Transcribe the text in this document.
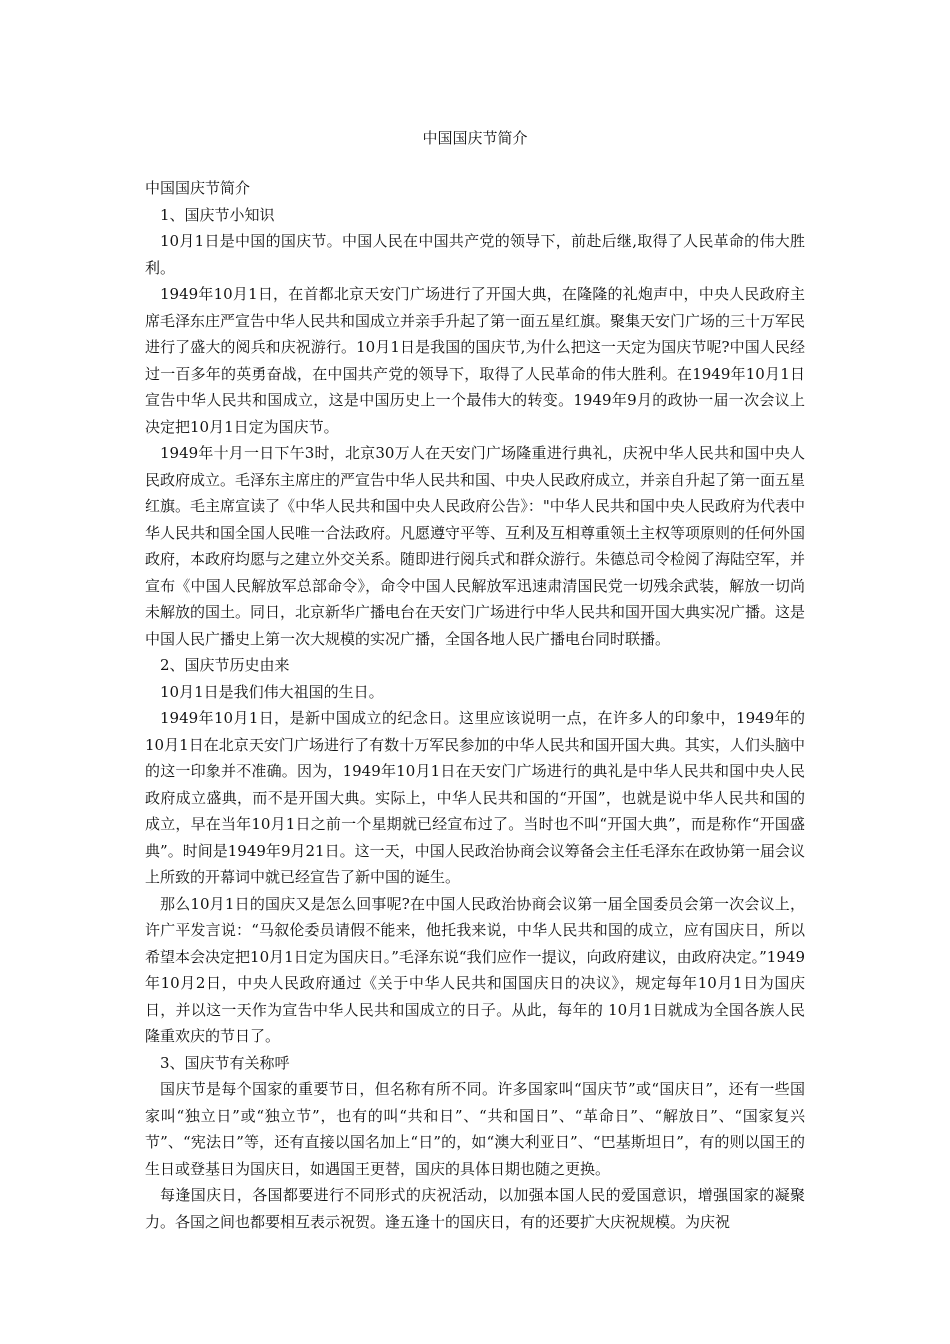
中国国庆节简介

中国国庆节简介

1、国庆节小知识

10月1日是中国的国庆节。中国人民在中国共产党的领导下，前赴后继,取得了人民革命的伟大胜利。

1949年10月1日，在首都北京天安门广场进行了开国大典，在隆隆的礼炮声中，中央人民政府主席毛泽东庄严宣告中华人民共和国成立并亲手升起了第一面五星红旗。聚集天安门广场的三十万军民进行了盛大的阅兵和庆祝游行。10月1日是我国的国庆节,为什么把这一天定为国庆节呢?中国人民经过一百多年的英勇奋战，在中国共产党的领导下，取得了人民革命的伟大胜利。在1949年10月1日宣告中华人民共和国成立，这是中国历史上一个最伟大的转变。1949年9月的政协一届一次会议上决定把10月1日定为国庆节。

1949年十月一日下午3时，北京30万人在天安门广场隆重进行典礼，庆祝中华人民共和国中央人民政府成立。毛泽东主席庄的严宣告中华人民共和国、中央人民政府成立，并亲自升起了第一面五星红旗。毛主席宣读了《中华人民共和国中央人民政府公告》："中华人民共和国中央人民政府为代表中华人民共和国全国人民唯一合法政府。凡愿遵守平等、互利及互相尊重领土主权等项原则的任何外国政府，本政府均愿与之建立外交关系。随即进行阅兵式和群众游行。朱德总司令检阅了海陆空军，并宣布《中国人民解放军总部命令》，命令中国人民解放军迅速肃清国民党一切残余武装，解放一切尚未解放的国土。同日，北京新华广播电台在天安门广场进行中华人民共和国开国大典实况广播。这是中国人民广播史上第一次大规模的实况广播，全国各地人民广播电台同时联播。

2、国庆节历史由来

10月1日是我们伟大祖国的生日。

1949年10月1日，是新中国成立的纪念日。这里应该说明一点，在许多人的印象中，1949年的10月1日在北京天安门广场进行了有数十万军民参加的中华人民共和国开国大典。其实，人们头脑中的这一印象并不准确。因为，1949年10月1日在天安门广场进行的典礼是中华人民共和国中央人民政府成立盛典，而不是开国大典。实际上，中华人民共和国的“开国”，也就是说中华人民共和国的成立，早在当年10月1日之前一个星期就已经宣布过了。当时也不叫“开国大典”，而是称作“开国盛典”。时间是1949年9月21日。这一天，中国人民政治协商会议筹备会主任毛泽东在政协第一届会议上所致的开幕词中就已经宣告了新中国的诞生。

那么10月1日的国庆又是怎么回事呢?在中国人民政治协商会议第一届全国委员会第一次会议上，许广平发言说：“马叙伦委员请假不能来，他托我来说，中华人民共和国的成立，应有国庆日，所以希望本会决定把10月1日定为国庆日。”毛泽东说“我们应作一提议，向政府建议，由政府决定。”1949年10月2日，中央人民政府通过《关于中华人民共和国国庆日的决议》，规定每年10月1日为国庆日，并以这一天作为宣告中华人民共和国成立的日子。从此，每年的 10月1日就成为全国各族人民隆重欢庆的节日了。

3、国庆节有关称呼

国庆节是每个国家的重要节日，但名称有所不同。许多国家叫“国庆节”或“国庆日”，还有一些国家叫“独立日”或“独立节”，也有的叫“共和日”、“共和国日”、“革命日”、“解放日”、“国家复兴节”、“宪法日”等，还有直接以国名加上“日”的，如“澳大利亚日”、“巴基斯坦日”，有的则以国王的生日或登基日为国庆日，如遇国王更替，国庆的具体日期也随之更换。

每逢国庆日，各国都要进行不同形式的庆祝活动，以加强本国人民的爱国意识，增强国家的凝聚力。各国之间也都要相互表示祝贺。逢五逢十的国庆日，有的还要扩大庆祝规模。为庆祝
